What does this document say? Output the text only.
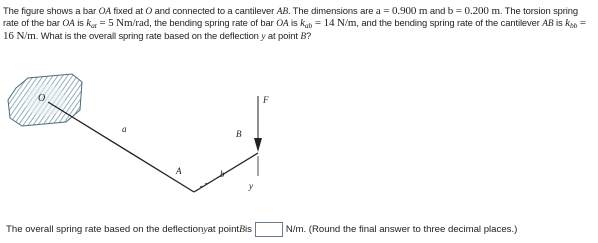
The figure shows a bar OA fixed at O and connected to a cantilever AB. The dimensions are a = 0.900 m and b = 0.200 m. The torsion spring rate of the bar OA is $k_{at} = 5$ Nm/rad, the bending spring rate of bar OA is $k_{ab} = 14$ N/m, and the bending spring rate of the cantilever AB is $k_{bb} = 16$ N/m. What is the overall spring rate based on the deflection y at point B?
O
a
A	b
B
F
y
The overall spring rate based on the deflection y at point B is	N/m. (Round the final answer to three decimal places.)
